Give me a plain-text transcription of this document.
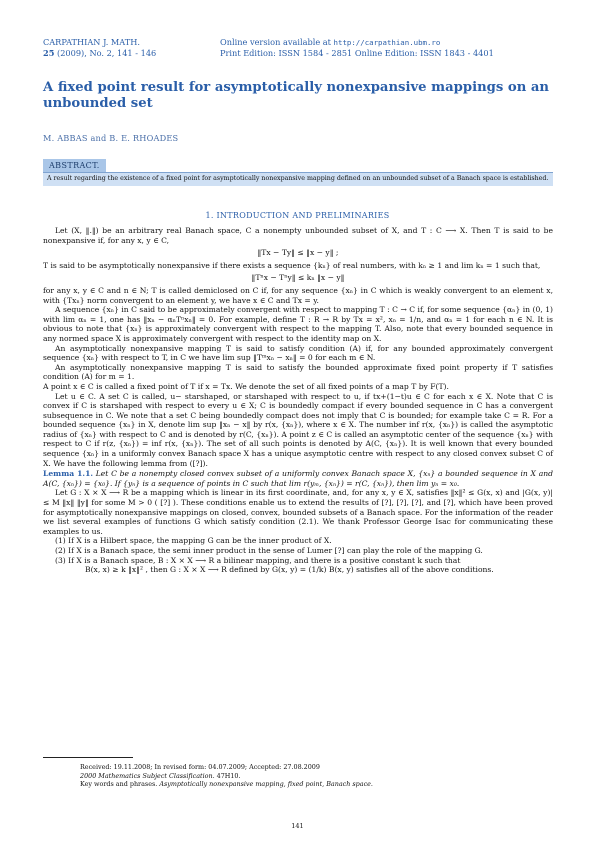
CARPATHIAN J. MATH.
25 (2009), No. 2, 141 - 146
Online version available at http://carpathian.ubm.ro
Print Edition: ISSN 1584 - 2851 Online Edition: ISSN 1843 - 4401
A fixed point result for asymptotically nonexpansive mappings on an unbounded set
M. ABBAS and B. E. RHOADES
ABSTRACT.
A result regarding the existence of a fixed point for asymptotically nonexpansive mapping defined on an unbounded subset of a Banach space is established.
1. INTRODUCTION AND PRELIMINARIES

Let (X, ‖.‖) be an arbitrary real Banach space, C a nonempty unbounded subset of X, and T : C ⟶ X. Then T is said to be nonexpansive if, for any x, y ∈ C,

‖Tx − Ty‖ ≤ ‖x − y‖ ;

T is said to be asymptotically nonexpansive if there exists a sequence {kₙ} of real numbers, with kₙ ≥ 1 and lim kₙ = 1 such that,

‖Tⁿx − Tⁿy‖ ≤ kₙ ‖x − y‖

for any x, y ∈ C and n ∈ N; T is called demiclosed on C if, for any sequence {xₙ} in C which is weakly convergent to an element x, with {Txₙ} norm convergent to an element y, we have x ∈ C and Tx = y.

A sequence {xₙ} in C said to be approximately convergent with respect to mapping T : C → C if, for some sequence {αₙ} in (0, 1) with lim αₙ = 1, one has ‖xₙ − αₙTⁿxₙ‖ = 0. For example, define T : R → R by Tx = x², xₙ = 1/n, and αₙ = 1 for each n ∈ N. It is obvious to note that {xₙ} is approximately convergent with respect to the mapping T. Also, note that every bounded sequence in any normed space X is approximately convergent with respect to the identity map on X.

An asymptotically nonexpansive mapping T is said to satisfy condition (A) if, for any bounded approximately convergent sequence {xₙ} with respect to T, in C we have lim sup ‖Tᵐxₙ − xₙ‖ = 0 for each m ∈ N.

An asymptotically nonexpansive mapping T is said to satisfy the bounded approximate fixed point property if T satisfies condition (A) for m = 1.

A point x ∈ C is called a fixed point of T if x = Tx. We denote the set of all fixed points of a map T by F(T).

Let u ∈ C. A set C is called, u− starshaped, or starshaped with respect to u, if tx+(1−t)u ∈ C for each x ∈ X. Note that C is convex if C is starshaped with respect to every u ∈ X; C is boundedly compact if every bounded sequence in C has a convergent subsequence in C. We note that a set C being boundedly compact does not imply that C is bounded; for example take C = R. For a bounded sequence {xₙ} in X, denote lim sup ‖xₙ − x‖ by r(x, {xₙ}), where x ∈ X. The number inf r(x, {xₙ}) is called the asymptotic radius of {xₙ} with respect to C and is denoted by r(C, {xₙ}). A point z ∈ C is called an asymptotic center of the sequence {xₙ} with respect to C if r(z, {xₙ}) = inf r(x, {xₙ}). The set of all such points is denoted by A(C, {xₙ}). It is well known that every bounded sequence {xₙ} in a uniformly convex Banach space X has a unique asymptotic centre with respect to any closed convex subset C of X. We have the following lemma from ([?]).

Lemma 1.1. Let C be a nonempty closed convex subset of a uniformly convex Banach space X, {xₙ} a bounded sequence in X and A(C, {xₙ}) = {x₀}. If {yₙ} is a sequence of points in C such that lim r(yₘ, {xₙ}) = r(C, {xₙ}), then lim yₙ = x₀.

Let G : X × X ⟶ R be a mapping which is linear in its first coordinate, and, for any x, y ∈ X, satisfies ‖x‖² ≤ G(x, x) and |G(x, y)| ≤ M ‖x‖ ‖y‖ for some M > 0 ( [?] ). These conditions enable us to extend the results of [?], [?], [?], and [?], which have been proved for asymptotically nonexpansive mappings on closed, convex, bounded subsets of a Banach space. For the information of the reader we list several examples of functions G which satisfy condition (2.1). We thank Professor George Isac for communicating these examples to us.

(1) If X is a Hilbert space, the mapping G can be the inner product of X.

(2) If X is a Banach space, the semi inner product in the sense of Lumer [?] can play the role of the mapping G.

(3) If X is a Banach space, B : X × X ⟶ R a bilinear mapping, and there is a positive constant k such that

B(x, x) ≥ k ‖x‖² , then G : X × X ⟶ R defined by G(x, y) = (1/k) B(x, y) satisfies all of the above conditions.

Received: 19.11.2008; In revised form: 04.07.2009; Accepted: 27.08.2009
2000 Mathematics Subject Classification. 47H10.
Key words and phrases. Asymptotically nonexpansive mapping, fixed point, Banach space.
141
